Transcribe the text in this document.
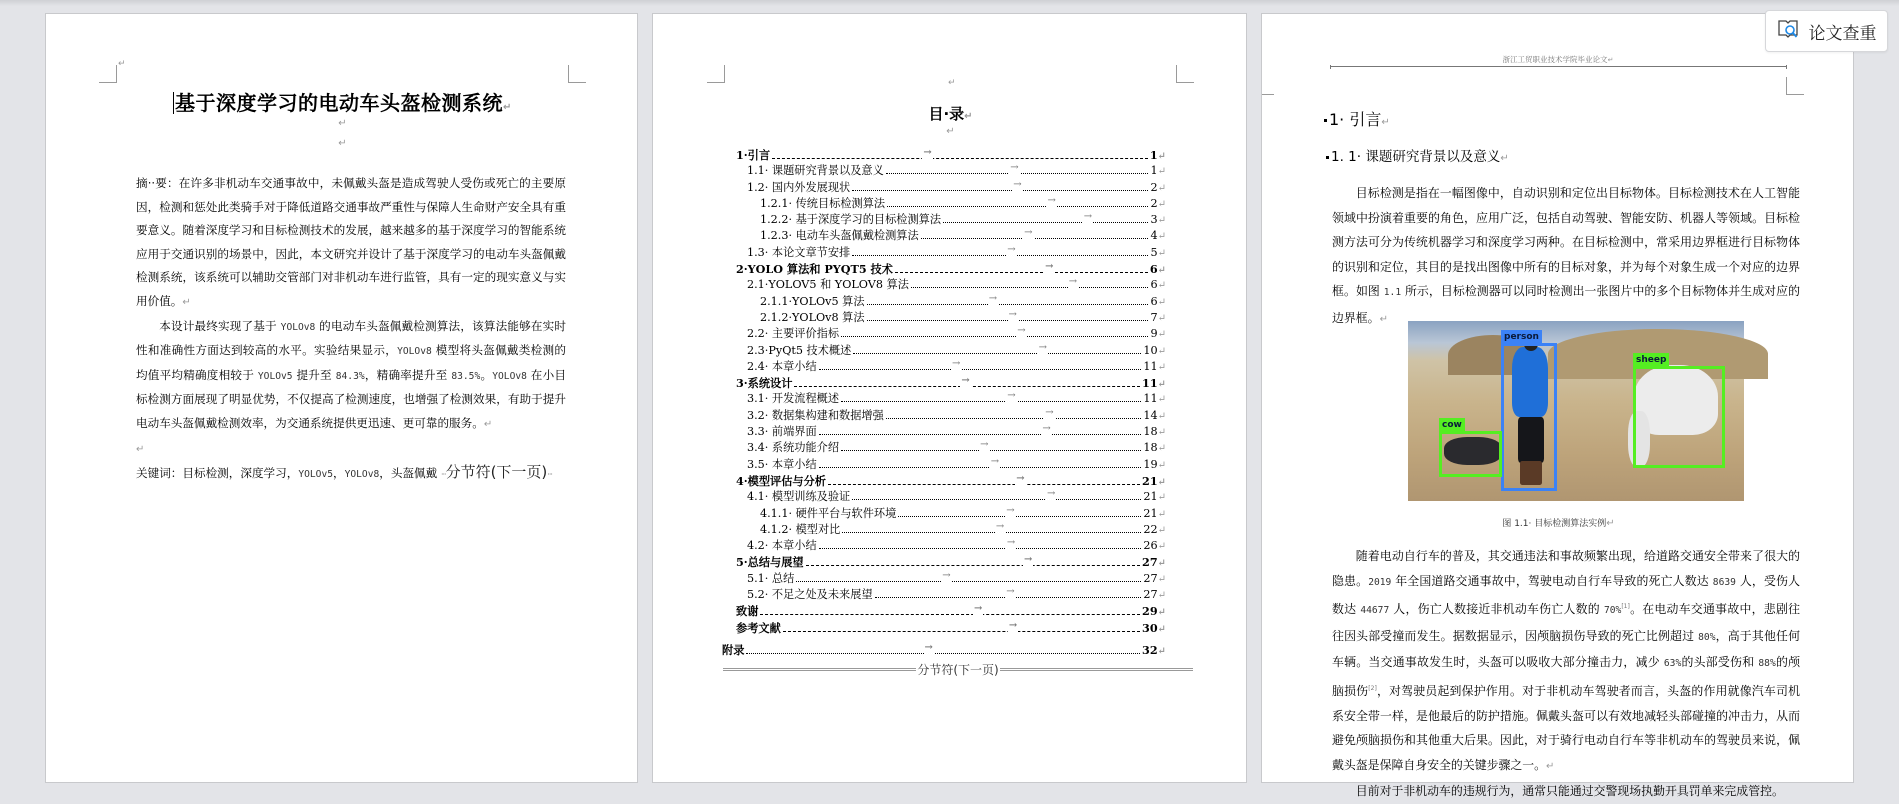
↵
基于深度学习的电动车头盔检测系统↵
↵
↵

摘··要：在许多非机动车交通事故中，未佩戴头盔是造成驾驶人受伤或死亡的主要原因，检测和惩处此类骑手对于降低道路交通事故严重性与保障人生命财产安全具有重要意义。随着深度学习和目标检测技术的发展，越来越多的基于深度学习的智能系统应用于交通识别的场景中，因此，本文研究并设计了基于深度学习的电动车头盔佩戴检测系统，该系统可以辅助交管部门对非机动车进行监管，具有一定的现实意义与实用价值。↵

本设计最终实现了基于 YOLOv8 的电动车头盔佩戴检测算法，该算法能够在实时性和准确性方面达到较高的水平。实验结果显示，YOLOv8 模型将头盔佩戴类检测的均值平均精确度相较于 YOLOv5 提升至 84.3%，精确率提升至 83.5%。YOLOv8 在小目标检测方面展现了明显优势，不仅提高了检测速度，也增强了检测效果，有助于提升电动车头盔佩戴检测效率，为交通系统提供更迅速、更可靠的服务。↵

↵

关键词：目标检测，深度学习，YOLOv5，YOLOv8，头盔佩戴 ···分节符(下一页)···

↵
目·录↵
↵
1·引言	→	1 ↵
1.1· 课题研究背景以及意义	→	1 ↵
1.2· 国内外发展现状	→	2 ↵
1.2.1· 传统目标检测算法	→	2 ↵
1.2.2· 基于深度学习的目标检测算法	→	3 ↵
1.2.3· 电动车头盔佩戴检测算法	→	4 ↵
1.3· 本论文章节安排	→	5 ↵
2·YOLO 算法和 PYQT5 技术	→	6 ↵
2.1·YOLOV5 和 YOLOV8 算法	→	6 ↵
2.1.1·YOLOv5 算法	→	6 ↵
2.1.2·YOLOv8 算法	→	7 ↵
2.2· 主要评价指标	→	9 ↵
2.3·PyQt5 技术概述	→	10 ↵
2.4· 本章小结	→	11 ↵
3·系统设计	→	11 ↵
3.1· 开发流程概述	→	11 ↵
3.2· 数据集构建和数据增强	→	14 ↵
3.3· 前端界面	→	18 ↵
3.4· 系统功能介绍	→	18 ↵
3.5· 本章小结	→	19 ↵
4·模型评估与分析	→	21 ↵
4.1· 模型训练及验证	→	21 ↵
4.1.1· 硬件平台与软件环境	→	21 ↵
4.1.2· 模型对比	→	22 ↵
4.2· 本章小结	→	26 ↵
5·总结与展望	→	27 ↵
5.1· 总结	→	27 ↵
5.2· 不足之处及未来展望	→	27 ↵
致谢	→	29 ↵
参考文献	→	30 ↵
附录	→	32 ↵
分节符(下一页)
浙江工贸职业技术学院毕业论文↵
1· 引言↵
1. 1· 课题研究背景以及意义↵

目标检测是指在一幅图像中，自动识别和定位出目标物体。目标检测技术在人工智能领域中扮演着重要的角色，应用广泛，包括自动驾驶、智能安防、机器人等领域。目标检测方法可分为传统机器学习和深度学习两种。在目标检测中，常采用边界框进行目标物体的识别和定位，其目的是找出图像中所有的目标对象，并为每个对象生成一个对应的边界框。如图 1.1 所示，目标检测器可以同时检测出一张图片中的多个目标物体并生成对应的边界框。↵

person
sheep
cow
图 1.1· 目标检测算法实例↵

随着电动自行车的普及，其交通违法和事故频繁出现，给道路交通安全带来了很大的隐患。2019 年全国道路交通事故中，驾驶电动自行车导致的死亡人数达 8639 人，受伤人数达 44677 人，伤亡人数接近非机动车伤亡人数的 70%[1]。在电动车交通事故中，悲剧往往因头部受撞而发生。据数据显示，因颅脑损伤导致的死亡比例超过 80%，高于其他任何车辆。当交通事故发生时，头盔可以吸收大部分撞击力，减少 63%的头部受伤和 88%的颅脑损伤[2]，对驾驶员起到保护作用。对于非机动车驾驶者而言，头盔的作用就像汽车司机系安全带一样，是他最后的防护措施。佩戴头盔可以有效地减轻头部碰撞的冲击力，从而避免颅脑损伤和其他重大后果。因此，对于骑行电动自行车等非机动车的驾驶员来说，佩戴头盔是保障自身安全的关键步骤之一。↵

目前对于非机动车的违规行为，通常只能通过交警现场执勤开具罚单来完成管控。

论文查重
